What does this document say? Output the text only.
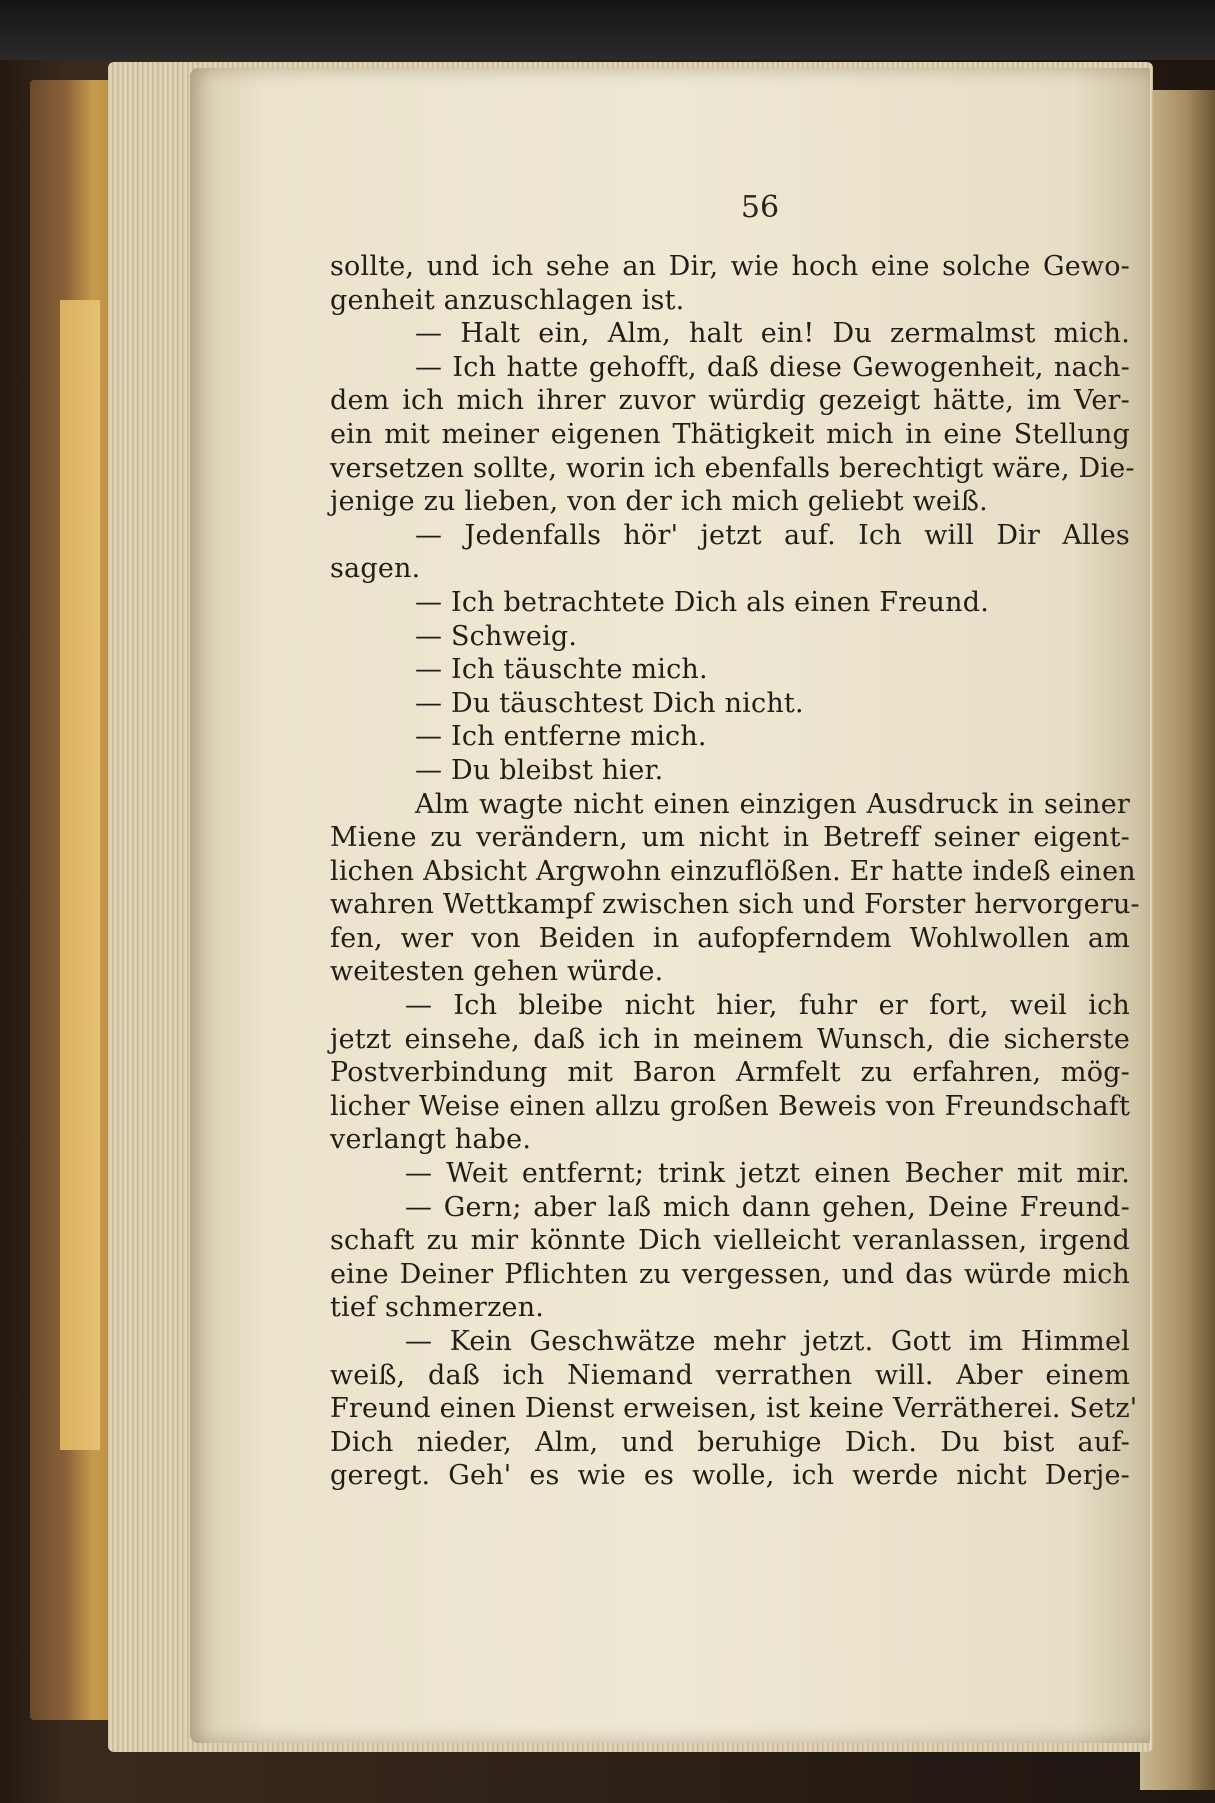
56
sollte, und ich sehe an Dir, wie hoch eine solche Gewo-
genheit anzuschlagen ist.
— Halt ein, Alm, halt ein! Du zermalmst mich.
— Ich hatte gehofft, daß diese Gewogenheit, nach-
dem ich mich ihrer zuvor würdig gezeigt hätte, im Ver-
ein mit meiner eigenen Thätigkeit mich in eine Stellung
versetzen sollte, worin ich ebenfalls berechtigt wäre, Die-
jenige zu lieben, von der ich mich geliebt weiß.
— Jedenfalls hör' jetzt auf. Ich will Dir Alles
sagen.
— Ich betrachtete Dich als einen Freund.
— Schweig.
— Ich täuschte mich.
— Du täuschtest Dich nicht.
— Ich entferne mich.
— Du bleibst hier.
Alm wagte nicht einen einzigen Ausdruck in seiner
Miene zu verändern, um nicht in Betreff seiner eigent-
lichen Absicht Argwohn einzuflößen. Er hatte indeß einen
wahren Wettkampf zwischen sich und Forster hervorgeru-
fen, wer von Beiden in aufopferndem Wohlwollen am
weitesten gehen würde.
— Ich bleibe nicht hier, fuhr er fort, weil ich
jetzt einsehe, daß ich in meinem Wunsch, die sicherste
Postverbindung mit Baron Armfelt zu erfahren, mög-
licher Weise einen allzu großen Beweis von Freundschaft
verlangt habe.
— Weit entfernt; trink jetzt einen Becher mit mir.
— Gern; aber laß mich dann gehen, Deine Freund-
schaft zu mir könnte Dich vielleicht veranlassen, irgend
eine Deiner Pflichten zu vergessen, und das würde mich
tief schmerzen.
— Kein Geschwätze mehr jetzt. Gott im Himmel
weiß, daß ich Niemand verrathen will. Aber einem
Freund einen Dienst erweisen, ist keine Verrätherei. Setz'
Dich nieder, Alm, und beruhige Dich. Du bist auf-
geregt. Geh' es wie es wolle, ich werde nicht Derje-
